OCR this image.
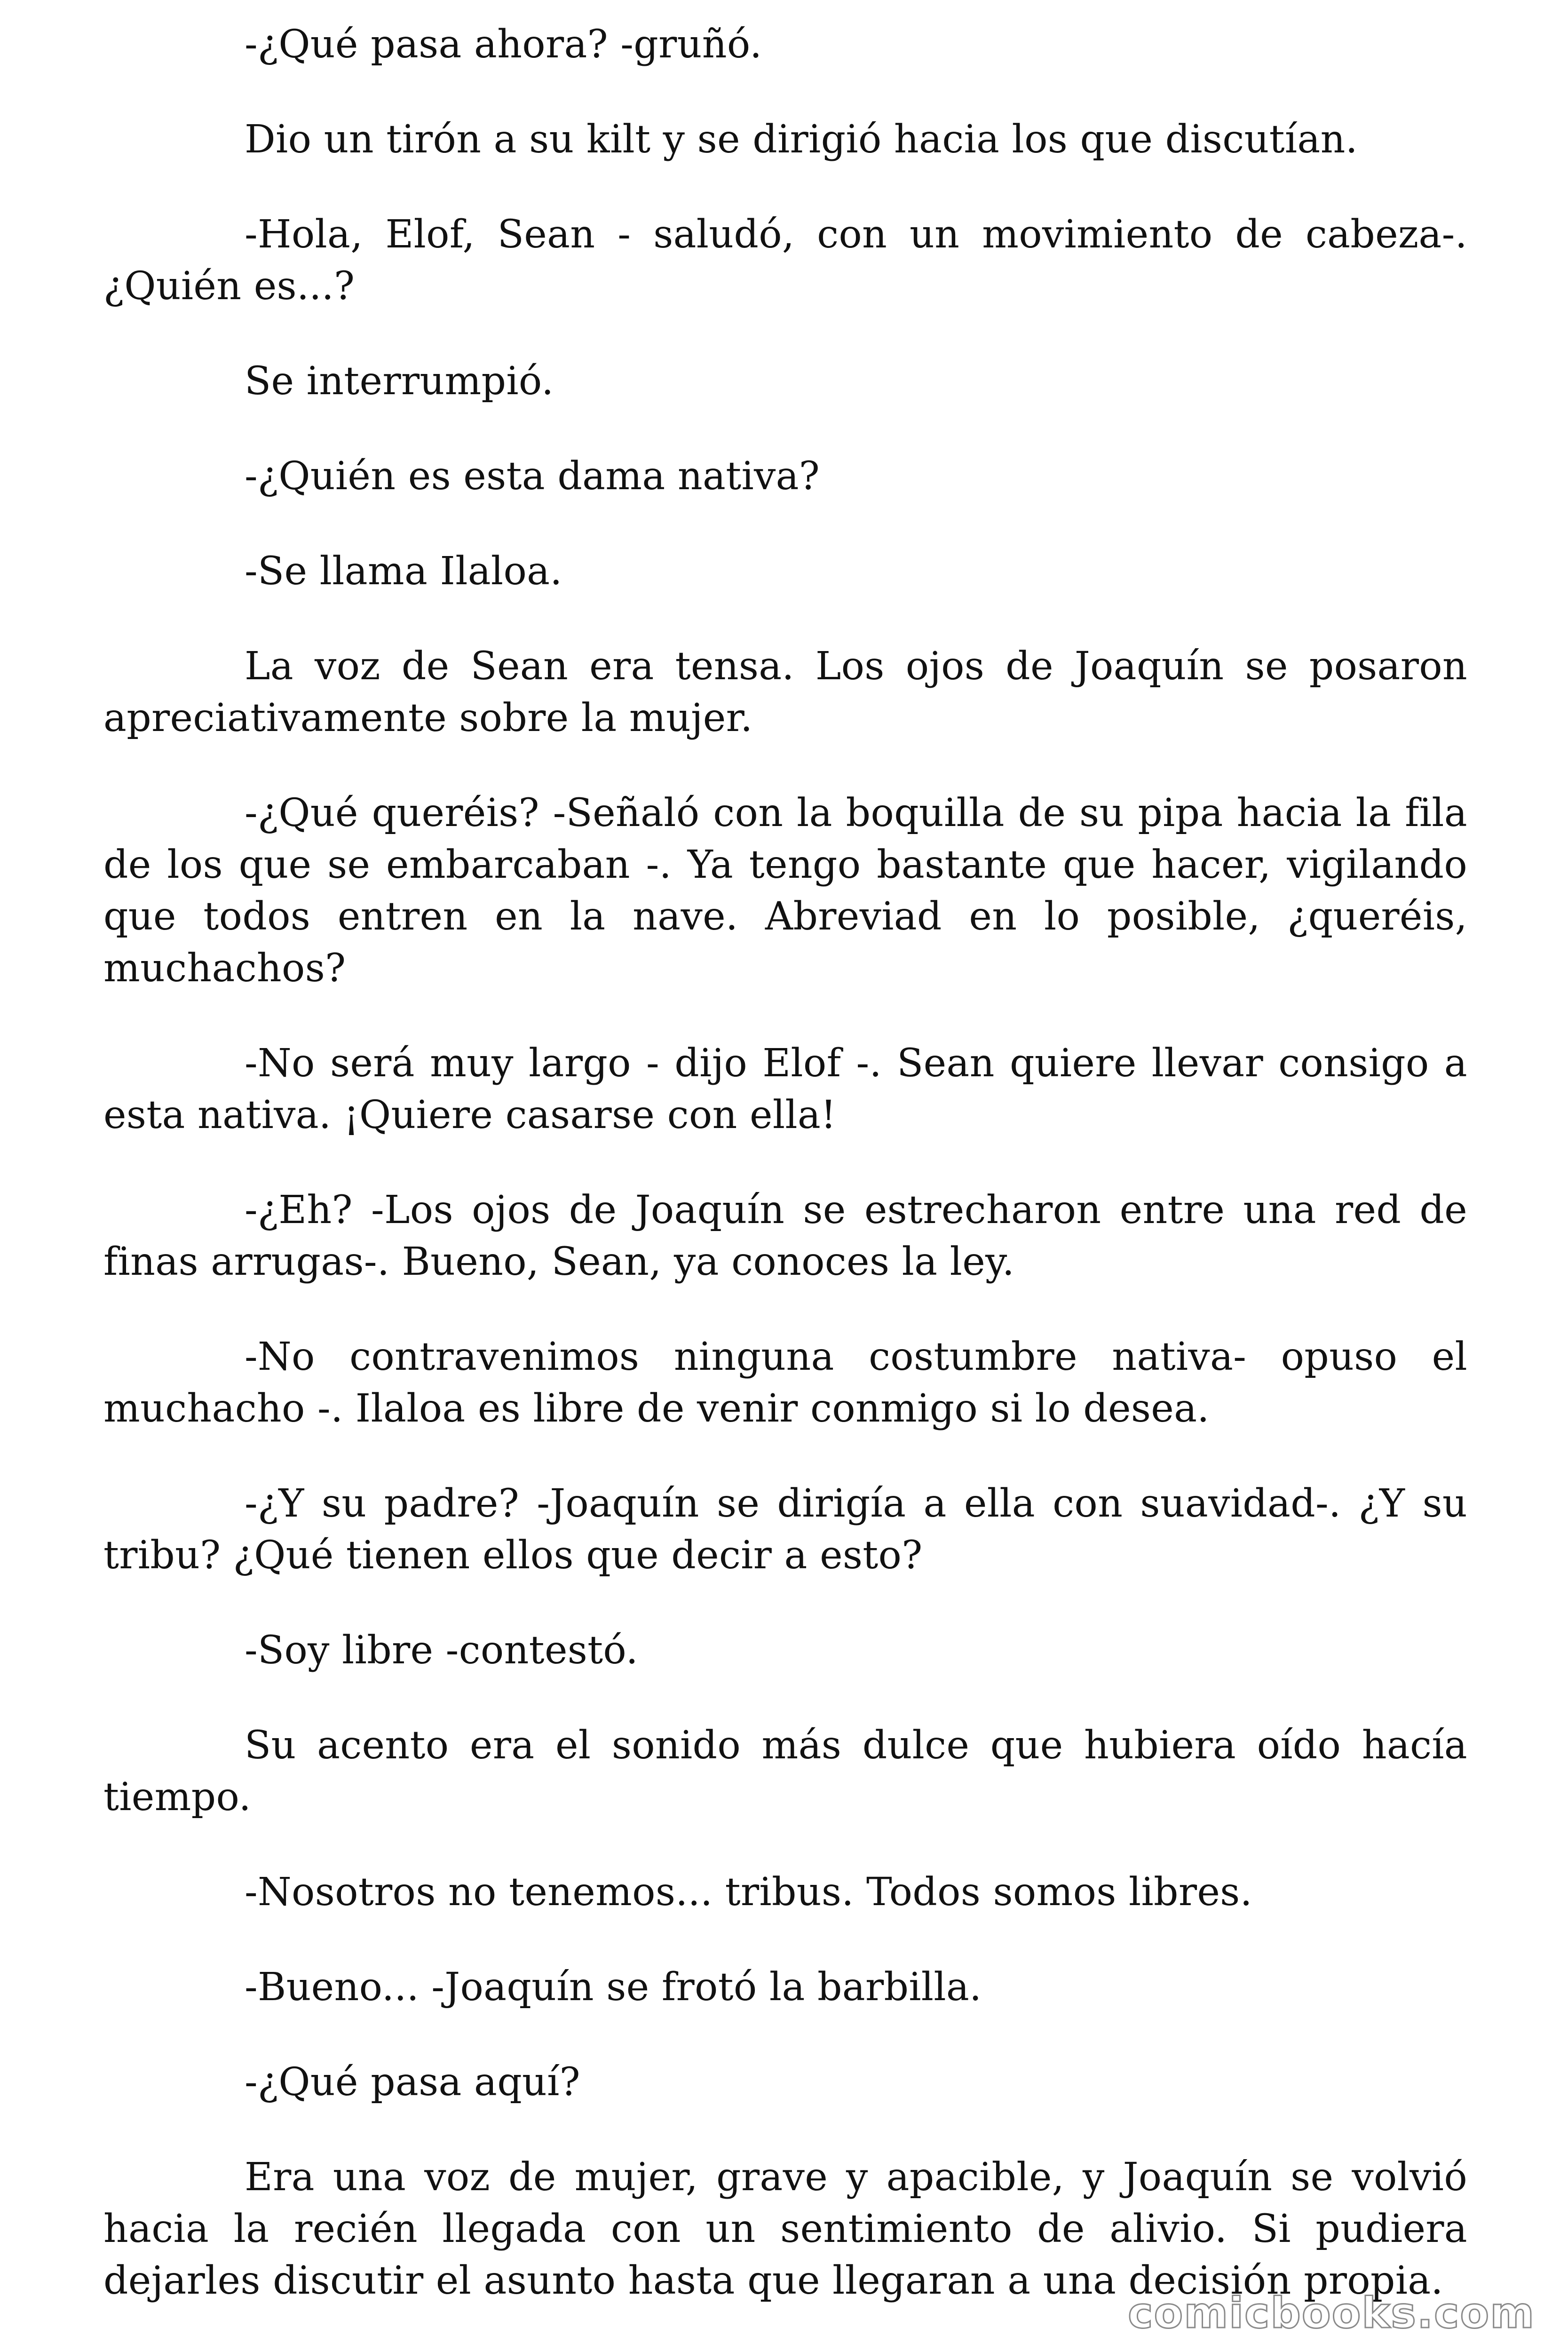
-¿Qué pasa ahora? -gruñó.

Dio un tirón a su kilt y se dirigió hacia los que discutían.

-Hola, Elof, Sean - saludó, con un movimiento de cabeza-. ¿Quién es...?

Se interrumpió.

-¿Quién es esta dama nativa?

-Se llama Ilaloa.

La voz de Sean era tensa. Los ojos de Joaquín se posaron apreciativamente sobre la mujer.

-¿Qué queréis? -Señaló con la boquilla de su pipa hacia la fila de los que se embarcaban -. Ya tengo bastante que hacer, vigilando que todos entren en la nave. Abreviad en lo posible, ¿queréis, muchachos?

-No será muy largo - dijo Elof -. Sean quiere llevar consigo a esta nativa. ¡Quiere casarse con ella!

-¿Eh? -Los ojos de Joaquín se estrecharon entre una red de finas arrugas-. Bueno, Sean, ya conoces la ley.

-No contravenimos ninguna costumbre nativa- opuso el muchacho -. Ilaloa es libre de venir conmigo si lo desea.

-¿Y su padre? -Joaquín se dirigía a ella con suavidad-. ¿Y su tribu? ¿Qué tienen ellos que decir a esto?

-Soy libre -contestó.

Su acento era el sonido más dulce que hubiera oído hacía tiempo.

-Nosotros no tenemos... tribus. Todos somos libres.

-Bueno... -Joaquín se frotó la barbilla.

-¿Qué pasa aquí?

Era una voz de mujer, grave y apacible, y Joaquín se volvió hacia la recién llegada con un sentimiento de alivio. Si pudiera dejarles discutir el asunto hasta que llegaran a una decisión propia.

comicbooks.com
